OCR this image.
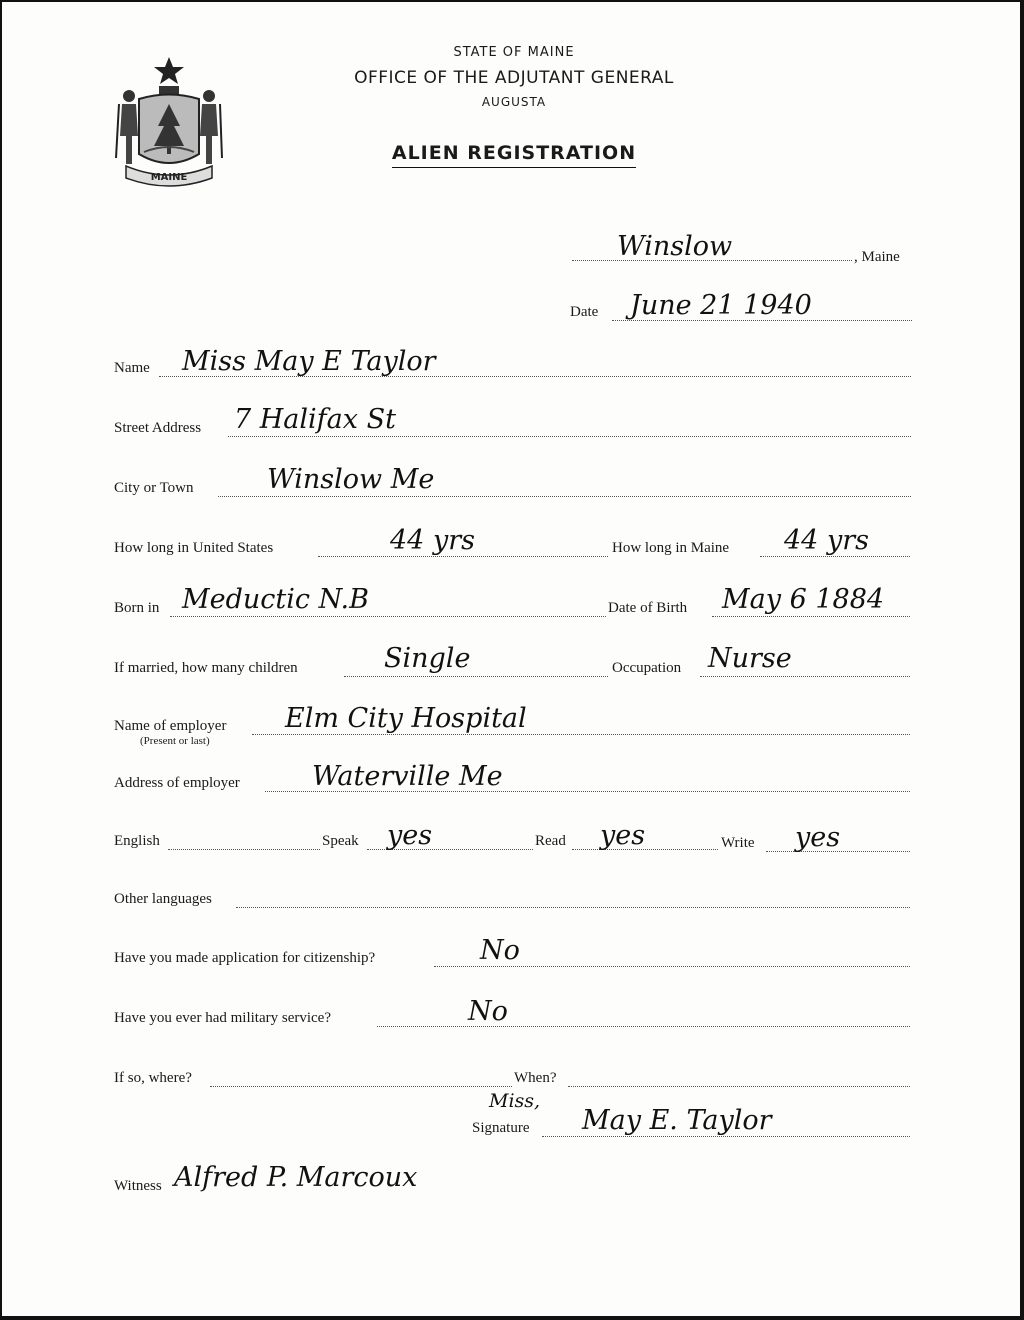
MAINE
STATE OF MAINE
OFFICE OF THE ADJUTANT GENERAL
AUGUSTA
ALIEN REGISTRATION
Winslow	, Maine
Date June 21 1940
Name Miss May E Taylor
Street Address 7 Halifax St
City or Town	Winslow Me
How long in United States	44 yrs	How long in Maine 44 yrs
Born in Meductic N.B	Date of Birth May 6 1884
If married, how many children	Single	Occupation Nurse
Name of employer
(Present or last)
Elm City Hospital
Address of employer	Waterville Me
English	Speak yes	Read yes	Write yes
Other languages
Have you made application for citizenship?	No
Have you ever had military service?	No
If so, where?	When?
Miss,
Signature May E. Taylor
Witness Alfred P. Marcoux
